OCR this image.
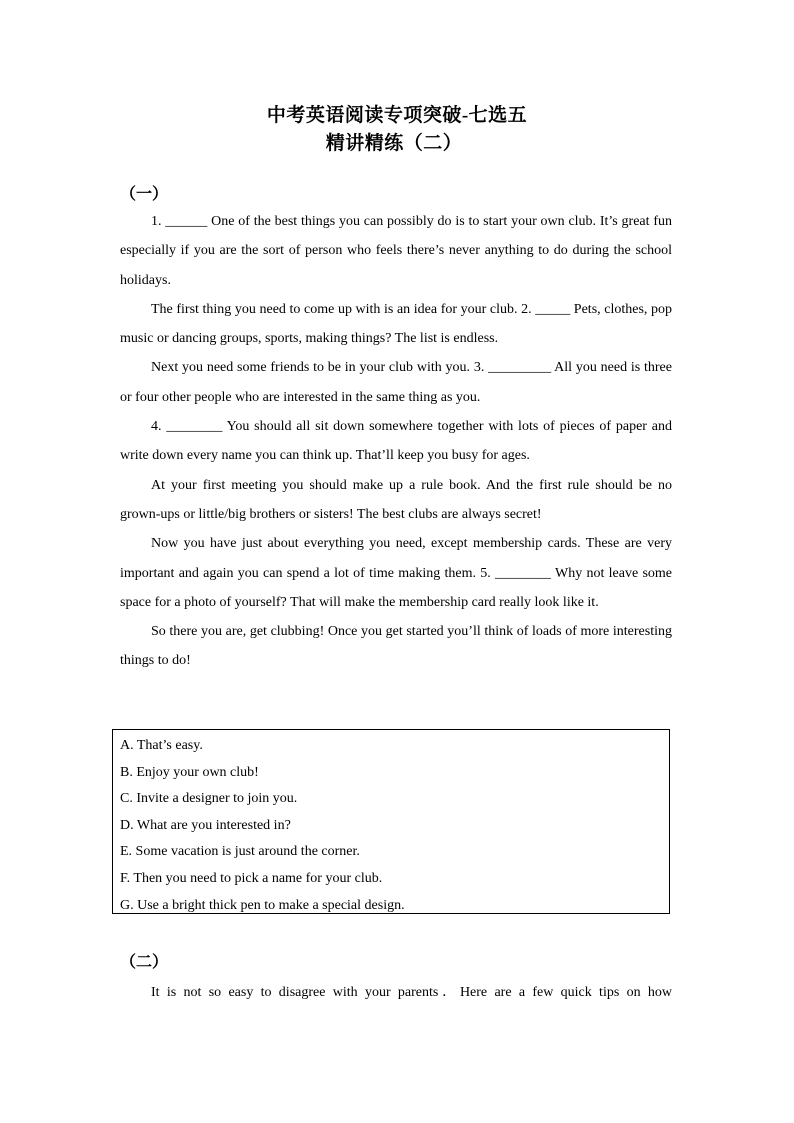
中考英语阅读专项突破-七选五
精讲精练（二）
（一）

1. ______ One of the best things you can possibly do is to start your own club. It’s great fun especially if you are the sort of person who feels there’s never anything to do during the school holidays.

The first thing you need to come up with is an idea for your club. 2. _____ Pets, clothes, pop music or dancing groups, sports, making things? The list is endless.

Next you need some friends to be in your club with you. 3. _________ All you need is three or four other people who are interested in the same thing as you.

4. ________ You should all sit down somewhere together with lots of pieces of paper and write down every name you can think up. That’ll keep you busy for ages.

At your first meeting you should make up a rule book. And the first rule should be no grown-ups or little/big brothers or sisters! The best clubs are always secret!

Now you have just about everything you need, except membership cards. These are very important and again you can spend a lot of time making them. 5. ________ Why not leave some space for a photo of yourself? That will make the membership card really look like it.

So there you are, get clubbing! Once you get started you’ll think of loads of more interesting things to do!

A. That’s easy.
B. Enjoy your own club!
C. Invite a designer to join you.
D. What are you interested in?
E. Some vacation is just around the corner.
F. Then you need to pick a name for your club.
G. Use a bright thick pen to make a special design.
（二）

It is not so easy to disagree with your parents．Here are a few quick tips on how
